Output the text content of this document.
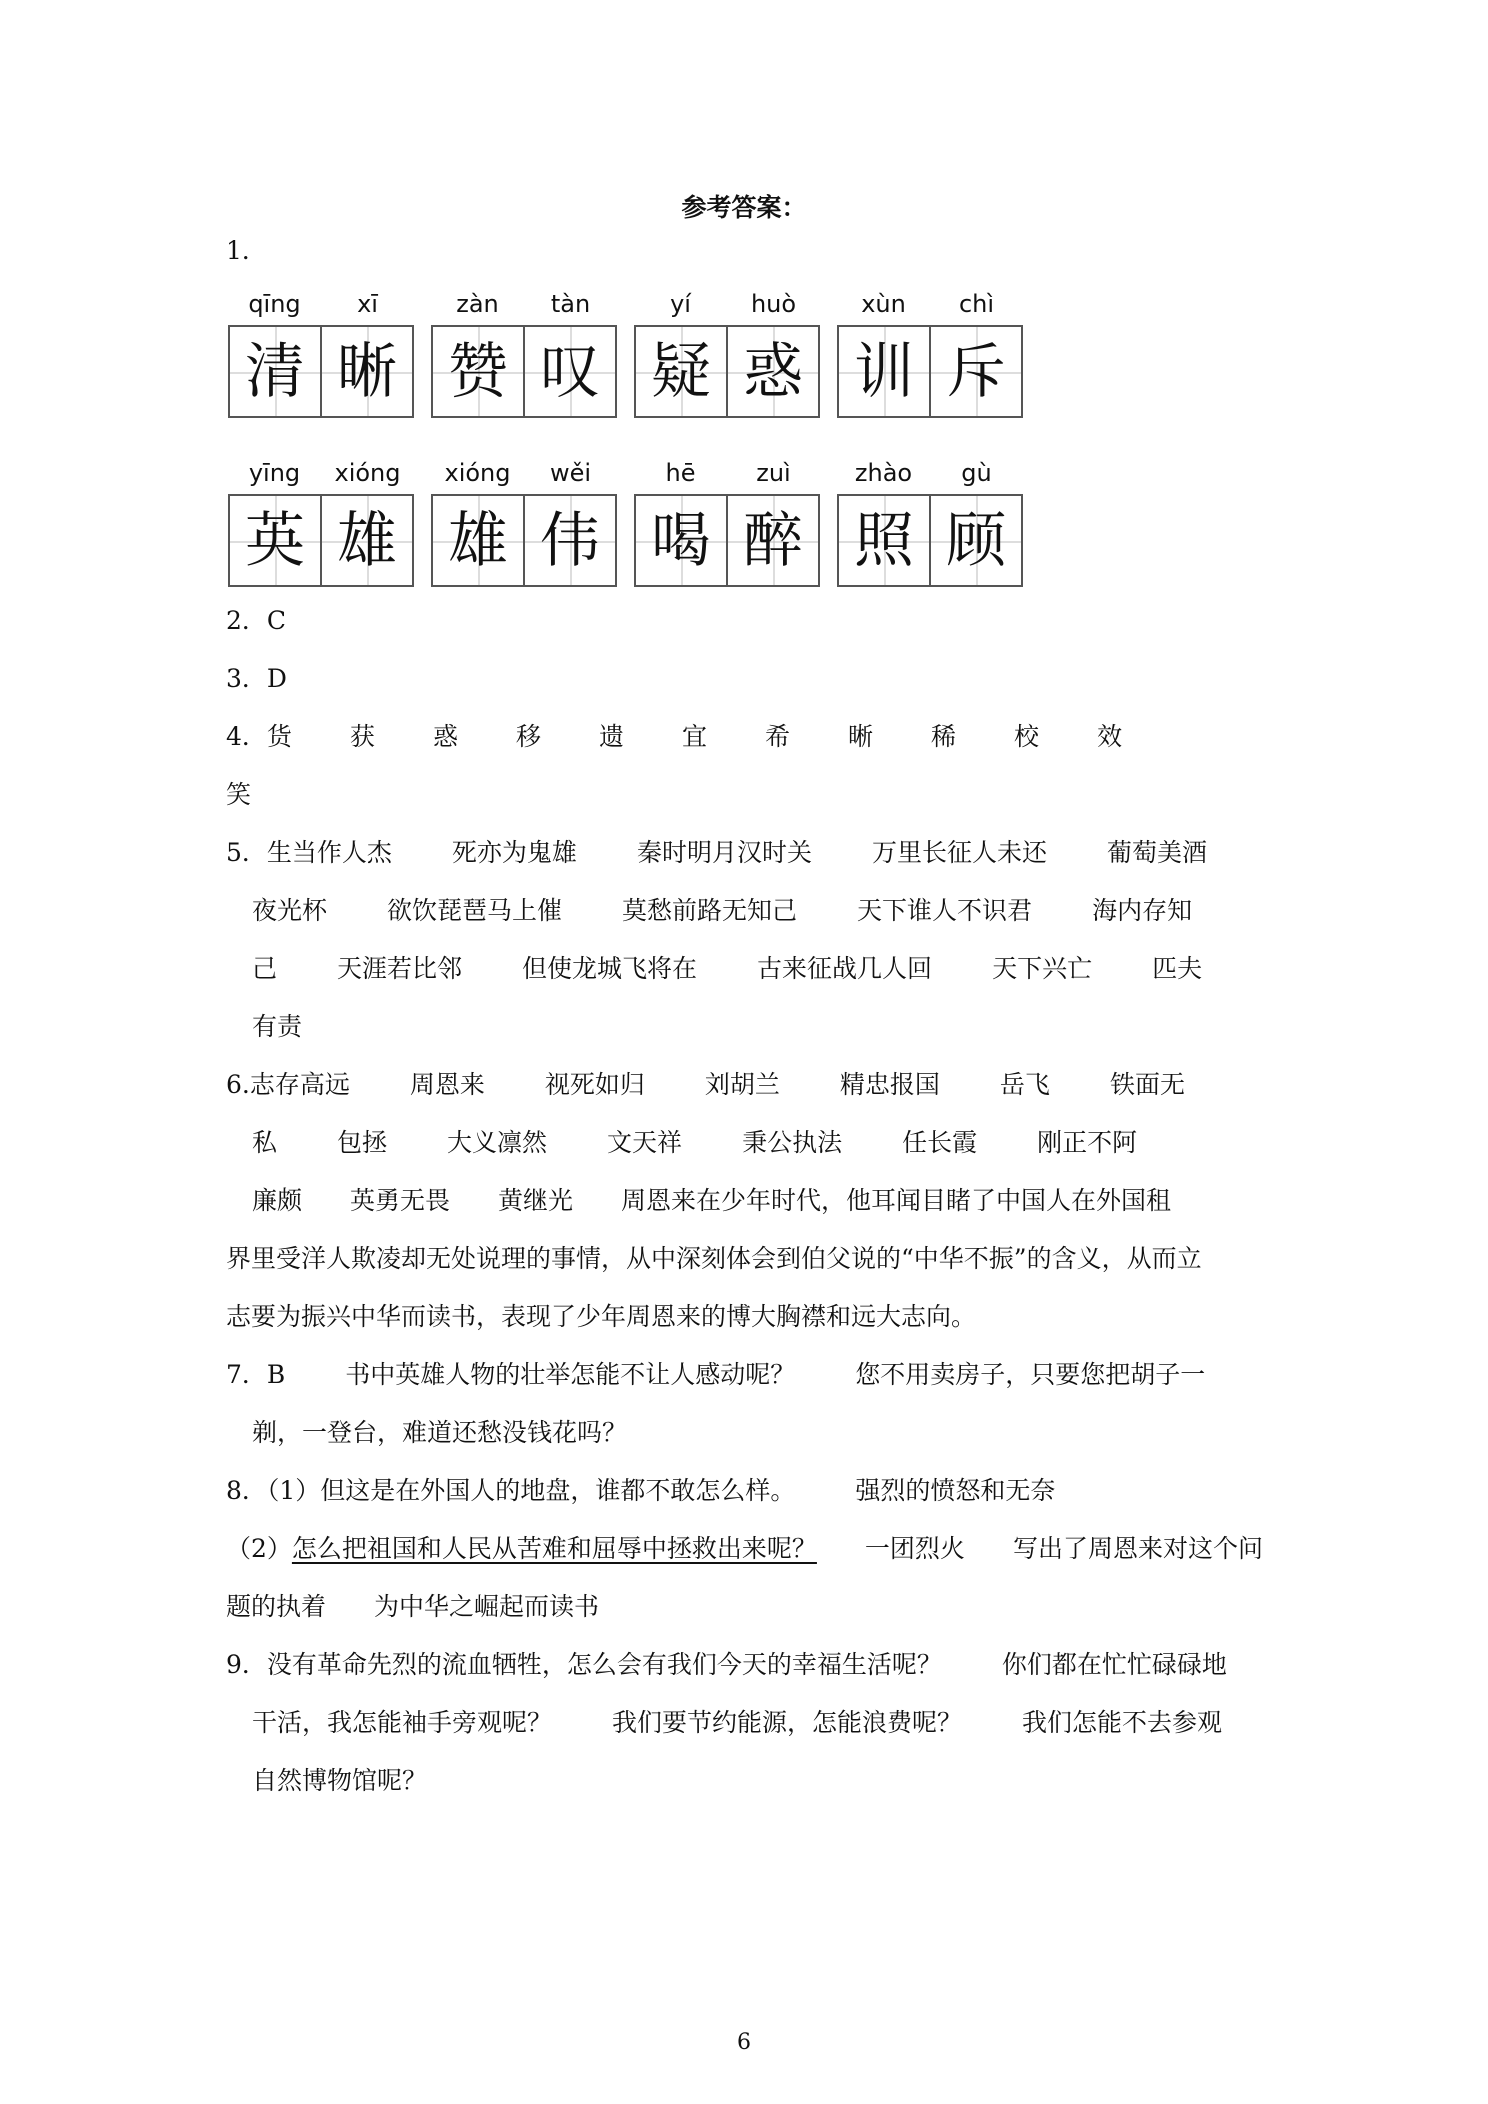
参考答案：
1．
qīng	xī
清 晰
zàn	tàn
赞 叹
yí	huò
疑 惑
xùn	chì
训 斥
yīng	xióng
英 雄
xióng	wěi
雄 伟
hē	zuì
喝 醉
zhào	gù
照 顾
2．C
3．D
4．货 获 惑 移 遗 宜 希 晰 稀 校 效
笑
5．生当作人杰 死亦为鬼雄 秦时明月汉时关 万里长征人未还 葡萄美酒
夜光杯 欲饮琵琶马上催 莫愁前路无知己 天下谁人不识君 海内存知
己 天涯若比邻 但使龙城飞将在 古来征战几人回 天下兴亡 匹夫
有责
6.志存高远 周恩来 视死如归 刘胡兰 精忠报国 岳飞 铁面无
私 包拯 大义凛然 文天祥 秉公执法 任长霞 刚正不阿
廉颇 英勇无畏 黄继光 周恩来在少年时代，他耳闻目睹了中国人在外国租
界里受洋人欺凌却无处说理的事情，从中深刻体会到伯父说的“中华不振”的含义，从而立
志要为振兴中华而读书，表现了少年周恩来的博大胸襟和远大志向。
7．B 书中英雄人物的壮举怎能不让人感动呢？ 您不用卖房子，只要您把胡子一
剃，一登台，难道还愁没钱花吗？
8．（1）但这是在外国人的地盘，谁都不敢怎么样。 强烈的愤怒和无奈
（2）怎么把祖国和人民从苦难和屈辱中拯救出来呢？ 一团烈火 写出了周恩来对这个问
题的执着 为中华之崛起而读书
9．没有革命先烈的流血牺牲，怎么会有我们今天的幸福生活呢？ 你们都在忙忙碌碌地
干活，我怎能袖手旁观呢？ 我们要节约能源，怎能浪费呢？ 我们怎能不去参观
自然博物馆呢？
6
